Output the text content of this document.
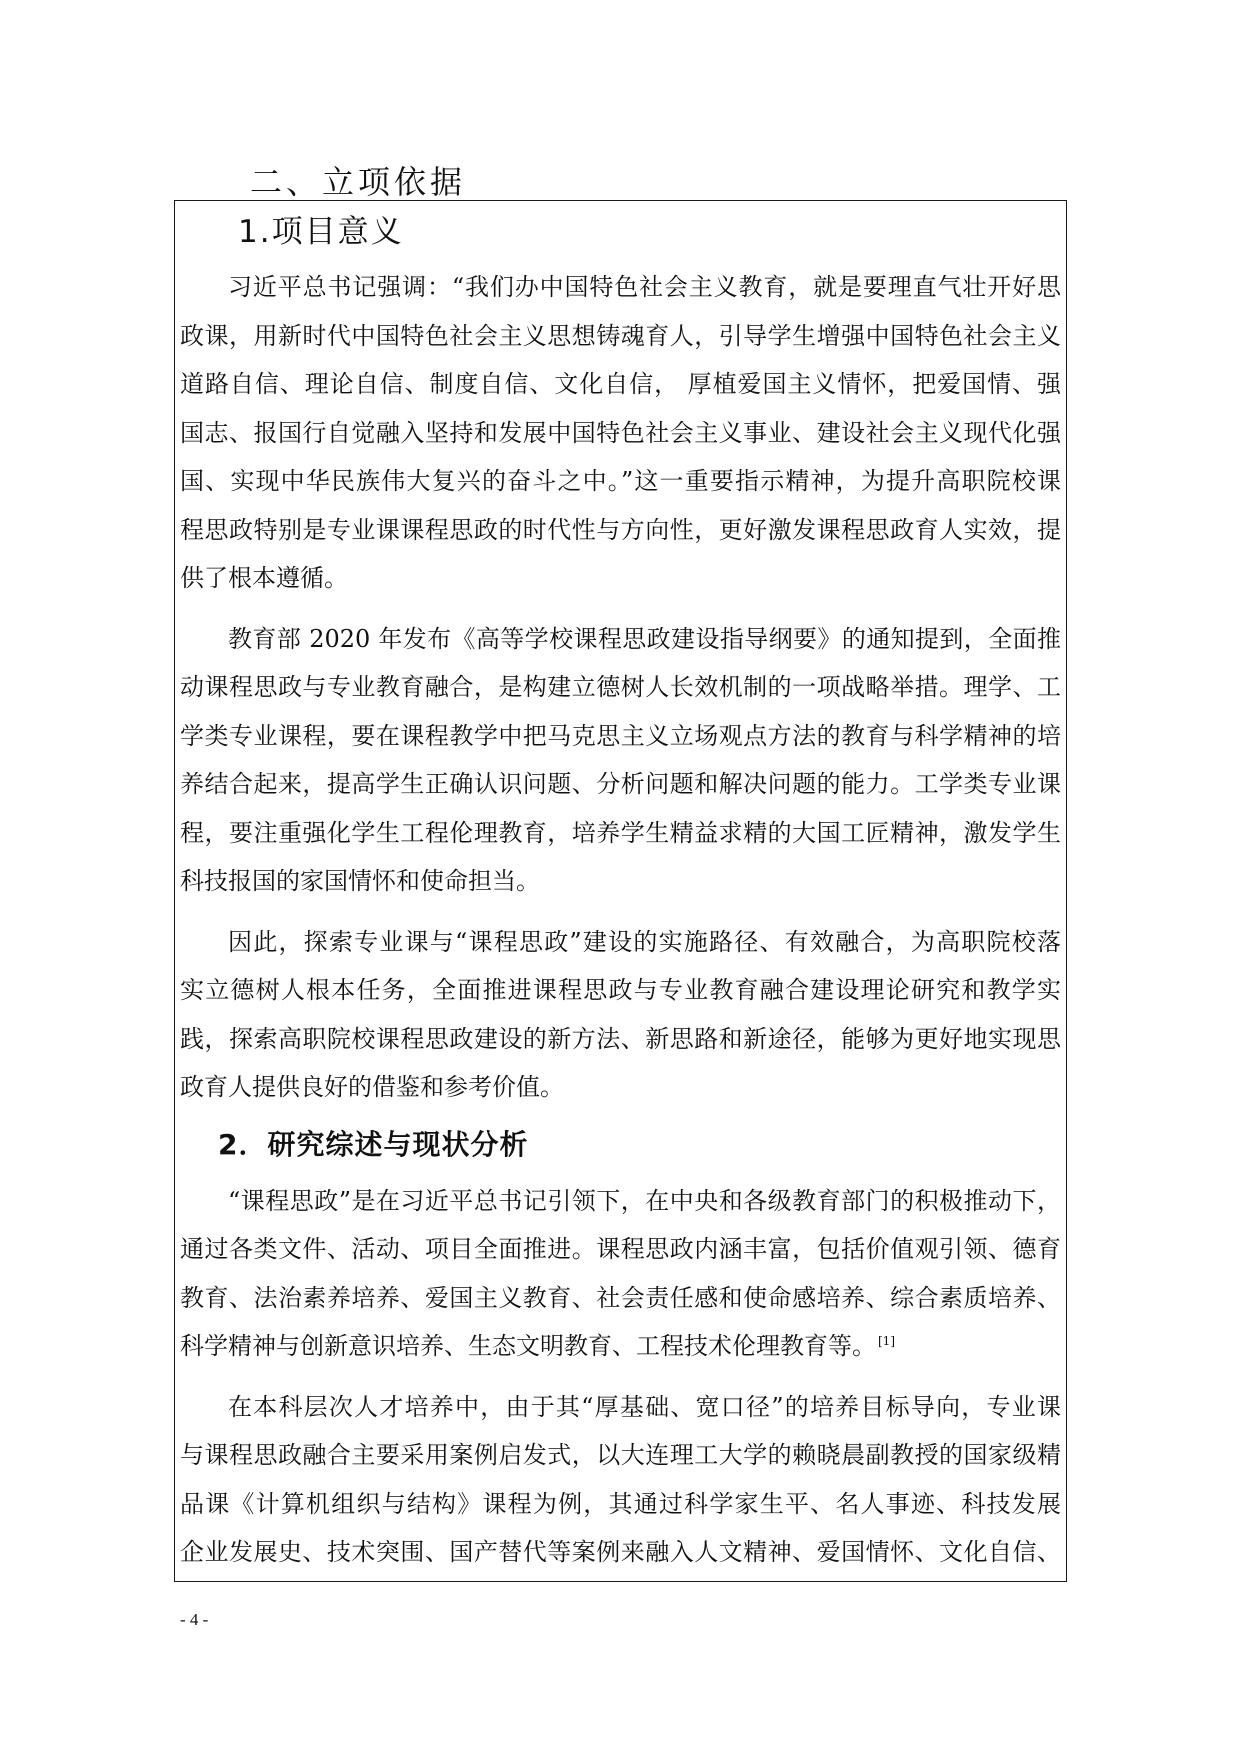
二、立项依据
1.项目意义
习近平总书记强调：“我们办中国特色社会主义教育，就是要理直气壮开好思
政课，用新时代中国特色社会主义思想铸魂育人，引导学生增强中国特色社会主义
道路自信、理论自信、制度自信、文化自信， 厚植爱国主义情怀，把爱国情、强
国志、报国行自觉融入坚持和发展中国特色社会主义事业、建设社会主义现代化强
国、实现中华民族伟大复兴的奋斗之中。”这一重要指示精神，为提升高职院校课
程思政特别是专业课课程思政的时代性与方向性，更好激发课程思政育人实效，提
供了根本遵循。
教育部 2020 年发布《高等学校课程思政建设指导纲要》的通知提到，全面推
动课程思政与专业教育融合，是构建立德树人长效机制的一项战略举措。理学、工
学类专业课程，要在课程教学中把马克思主义立场观点方法的教育与科学精神的培
养结合起来，提高学生正确认识问题、分析问题和解决问题的能力。工学类专业课
程，要注重强化学生工程伦理教育，培养学生精益求精的大国工匠精神，激发学生
科技报国的家国情怀和使命担当。
因此，探索专业课与“课程思政”建设的实施路径、有效融合，为高职院校落
实立德树人根本任务，全面推进课程思政与专业教育融合建设理论研究和教学实
践，探索高职院校课程思政建设的新方法、新思路和新途径，能够为更好地实现思
政育人提供良好的借鉴和参考价值。
2．研究综述与现状分析
“课程思政”是在习近平总书记引领下，在中央和各级教育部门的积极推动下，
通过各类文件、活动、项目全面推进。课程思政内涵丰富，包括价值观引领、德育
教育、法治素养培养、爱国主义教育、社会责任感和使命感培养、综合素质培养、
科学精神与创新意识培养、生态文明教育、工程技术伦理教育等。 [1]
在本科层次人才培养中，由于其“厚基础、宽口径”的培养目标导向，专业课
与课程思政融合主要采用案例启发式，以大连理工大学的赖晓晨副教授的国家级精
品课《计算机组织与结构》课程为例，其通过科学家生平、名人事迹、科技发展
企业发展史、技术突围、国产替代等案例来融入人文精神、爱国情怀、文化自信、
- 4 -
